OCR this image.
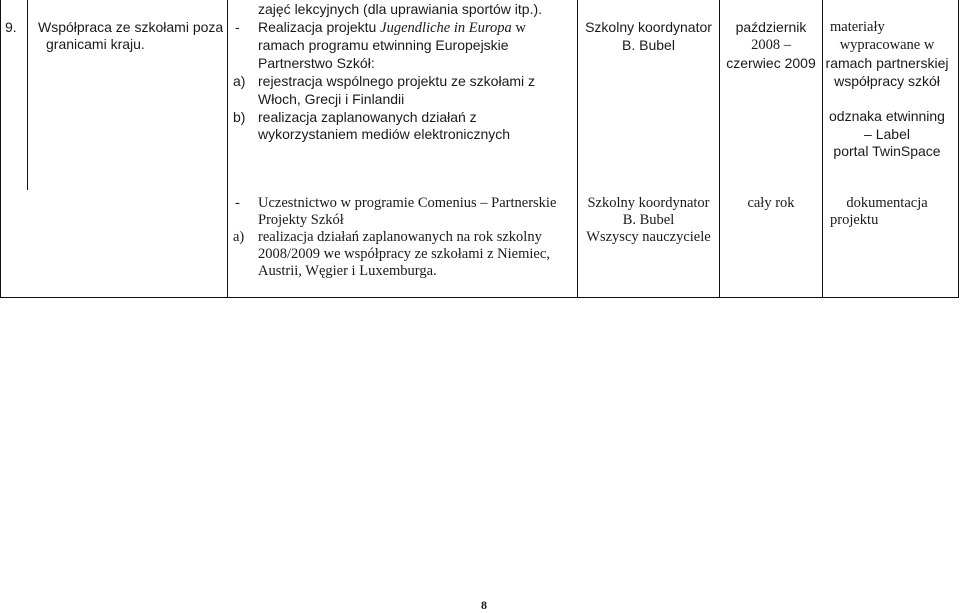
9. Współpraca ze szkołami poza
granicami kraju.
zajęć lekcyjnych (dla uprawiania sportów itp.).
- Realizacja projektu Jugendliche in Europa w
ramach programu etwinning Europejskie
Partnerstwo Szkół:
a) rejestracja wspólnego projektu ze szkołami z
Włoch, Grecji i Finlandii
b) realizacja zaplanowanych działań z
wykorzystaniem mediów elektronicznych
Szkolny koordynator
B. Bubel
październik
2008 –
czerwiec 2009
materiały
wypracowane w
ramach partnerskiej
współpracy szkół
odznaka etwinning
– Label
portal TwinSpace
- Uczestnictwo w programie Comenius – Partnerskie
Projekty Szkół
a) realizacja działań zaplanowanych na rok szkolny
2008/2009 we współpracy ze szkołami z Niemiec,
Austrii, Węgier i Luxemburga.
Szkolny koordynator
B. Bubel
Wszyscy nauczyciele
cały rok	dokumentacja
projektu
8
